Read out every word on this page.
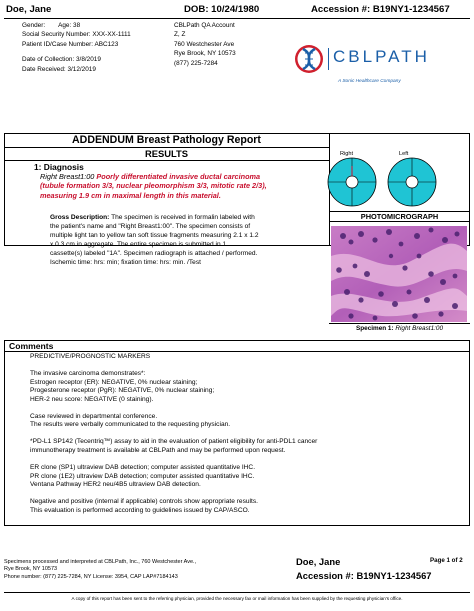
Doe, Jane	DOB: 10/24/1980	Accession #: B19NY1-1234567
Gender: Age: 38
Social Security Number: XXX-XX-1111
Patient ID/Case Number: ABC123
Date of Collection: 3/8/2019
Date Received: 3/12/2019
CBLPath QA Account
Z, Z
760 Westchester Ave
Rye Brook, NY 10573
(877) 225-7284	CBLPATH
A Sonic Healthcare Company
ADDENDUM Breast Pathology Report
RESULTS
1: Diagnosis
Right Breast1:00 Poorly differentiated invasive ductal carcinoma
(tubule formation 3/3, nuclear pleomorphism 3/3, mitotic rate 2/3),
measuring 1.9 cm in maximal length in this material.
Gross Description: The specimen is received in formalin labeled with
the patient's name and "Right Breast1:00". The specimen consists of
multiple light tan to yellow tan soft tissue fragments measuring 2.1 x 1.2
x 0.3 cm in aggregate. The entire specimen is submitted in 1
cassette(s) labeled "1A". Specimen radiograph is attached / performed.
Ischemic time: hrs: min; fixation time: hrs: min. /Test
Right	Left
PHOTOMICROGRAPH
Specimen 1: Right Breast1:00
Comments
PREDICTIVE/PROGNOSTIC MARKERS

The invasive carcinoma demonstrates*:
Estrogen receptor (ER): NEGATIVE, 0% nuclear staining;
Progesterone receptor (PgR): NEGATIVE, 0% nuclear staining;
HER-2 neu score: NEGATIVE (0 staining).
Case reviewed in departmental conference.
The results were verbally communicated to the requesting physician.
*PD-L1 SP142 (Tecentriq™) assay to aid in the evaluation of patient eligibility for anti-PDL1 cancer
immunotherapy treatment is available at CBLPath and may be performed upon request.
ER clone (SP1) ultraview DAB detection; computer assisted quantitative IHC.
PR clone (1E2) ultraview DAB detection; computer assisted quantitative IHC.
Ventana Pathway HER2 neu/4B5 ultraview DAB detection.
Negative and positive (internal if applicable) controls show appropriate results.
This evaluation is performed according to guidelines issued by CAP/ASCO.
Specimens processed and interpreted at CBLPath, Inc., 760 Westchester Ave.,
Rye Brook, NY 10573
Phone number: (877) 225-7284, NY License: 3954, CAP LAP#7184143
Doe, Jane	Page 1 of 2
Accession #: B19NY1-1234567
A copy of this report has been sent to the referring physician, provided the necessary fax or mail information has been supplied by the requesting physician's office.
